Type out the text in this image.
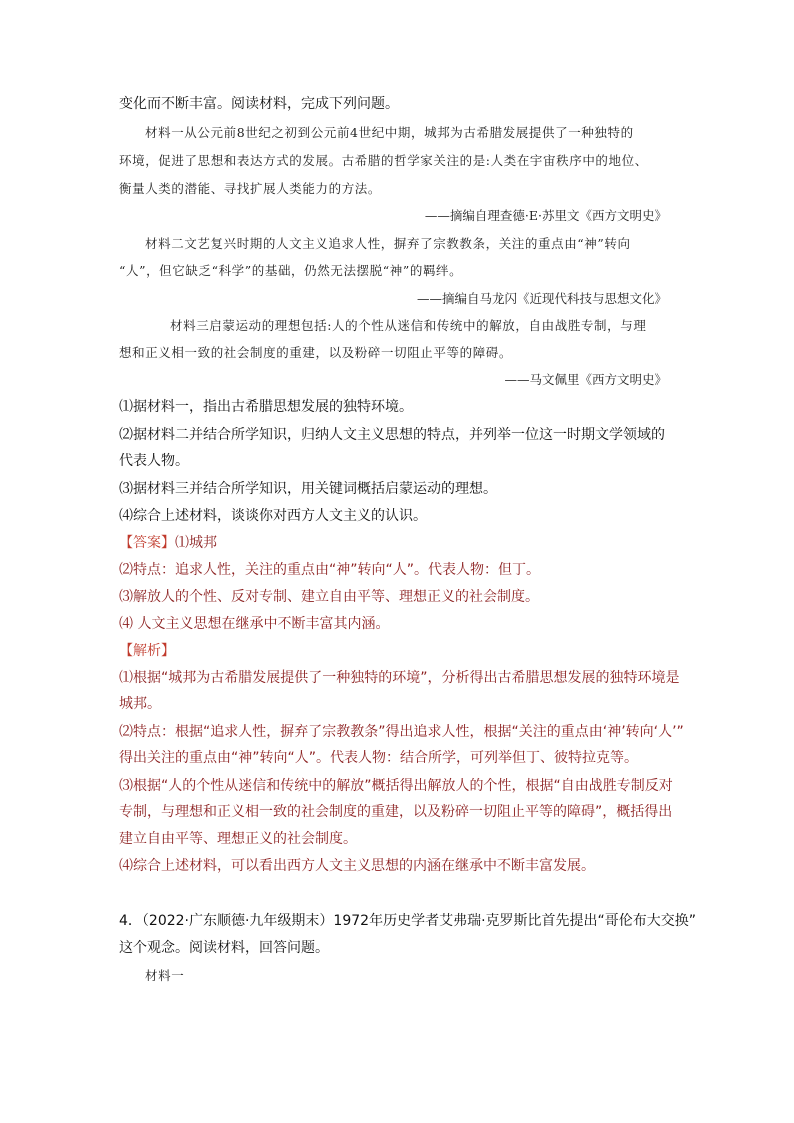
变化而不断丰富。阅读材料，完成下列问题。
材料一从公元前8世纪之初到公元前4世纪中期，城邦为古希腊发展提供了一种独特的
环境，促进了思想和表达方式的发展。古希腊的哲学家关注的是:人类在宇宙秩序中的地位、
衡量人类的潜能、寻找扩展人类能力的方法。
——摘编自理查德·E·苏里文《西方文明史》
材料二文艺复兴时期的人文主义追求人性，摒弃了宗教教条，关注的重点由“神”转向
“人”，但它缺乏“科学”的基础，仍然无法摆脱“神”的羁绊。
——摘编自马龙闪《近现代科技与思想文化》
材料三启蒙运动的理想包括:人的个性从迷信和传统中的解放，自由战胜专制，与理
想和正义相一致的社会制度的重建，以及粉碎一切阻止平等的障碍。
——马文佩里《西方文明史》
⑴据材料一，指出古希腊思想发展的独特环境。
⑵据材料二并结合所学知识，归纳人文主义思想的特点，并列举一位这一时期文学领域的
代表人物。
⑶据材料三并结合所学知识，用关键词概括启蒙运动的理想。
⑷综合上述材料，谈谈你对西方人文主义的认识。
【答案】⑴城邦
⑵特点：追求人性，关注的重点由“神”转向“人”。代表人物：但丁。
⑶解放人的个性、反对专制、建立自由平等、理想正义的社会制度。
⑷ 人文主义思想在继承中不断丰富其内涵。
【解析】
⑴根据“城邦为古希腊发展提供了一种独特的环境”，分析得出古希腊思想发展的独特环境是
城邦。
⑵特点：根据“追求人性，摒弃了宗教教条”得出追求人性，根据“关注的重点由‘神’转向‘人’”
得出关注的重点由“神”转向“人”。代表人物：结合所学，可列举但丁、彼特拉克等。
⑶根据“人的个性从迷信和传统中的解放”概括得出解放人的个性，根据“自由战胜专制反对
专制，与理想和正义相一致的社会制度的重建，以及粉碎一切阻止平等的障碍”，概括得出
建立自由平等、理想正义的社会制度。
⑷综合上述材料，可以看出西方人文主义思想的内涵在继承中不断丰富发展。
4．（2022·广东顺德·九年级期末）1972年历史学者艾弗瑞·克罗斯比首先提出“哥伦布大交换”
这个观念。阅读材料，回答问题。
材料一
